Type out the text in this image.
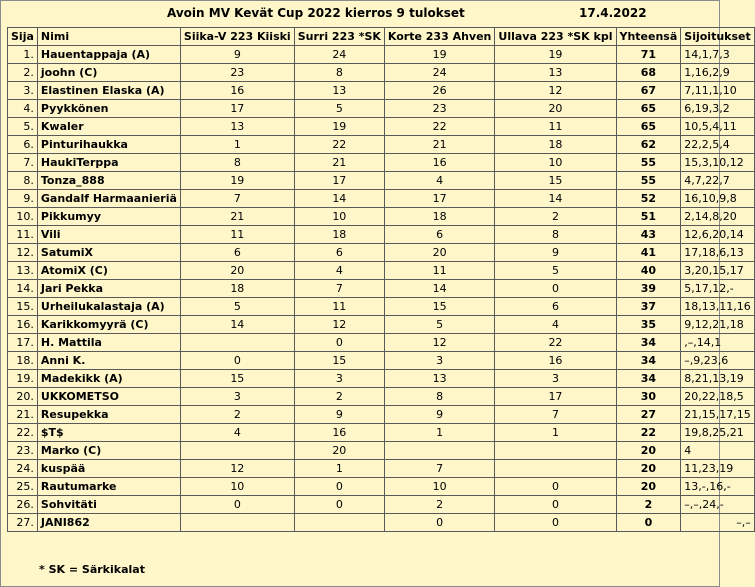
Avoin MV Kevät Cup 2022 kierros 9 tulokset	17.4.2022
Sija	Nimi	Siika-V 223 Kiiski	Surri 223 *SK	Korte 233 Ahven	Ullava 223 *SK kpl	Yhteensä	Sijoitukset
1.	Hauentappaja (A)	9	24	19	19	71	14,1,7,3
2.	joohn (C)	23	8	24	13	68	1,16,2,9
3.	Elastinen Elaska (A)	16	13	26	12	67	7,11,1,10
4.	Pyykkönen	17	5	23	20	65	6,19,3,2
5.	Kwaler	13	19	22	11	65	10,5,4,11
6.	Pinturihaukka	1	22	21	18	62	22,2,5,4
7.	HaukiTerppa	8	21	16	10	55	15,3,10,12
8.	Tonza_888	19	17	4	15	55	4,7,22,7
9.	Gandalf Harmaanieriä	7	14	17	14	52	16,10,9,8
10.	Pikkumyy	21	10	18	2	51	2,14,8,20
11.	Vili	11	18	6	8	43	12,6,20,14
12.	SatumiX	6	6	20	9	41	17,18,6,13
13.	AtomiX (C)	20	4	11	5	40	3,20,15,17
14.	Jari Pekka	18	7	14	0	39	5,17,12,-
15.	Urheilukalastaja (A)	5	11	15	6	37	18,13,11,16
16.	Karikkomyyrä (C)	14	12	5	4	35	9,12,21,18
17.	H. Mattila		0	12	22	34	,–,14,1
18.	Anni K.	0	15	3	16	34	–,9,23,6
19.	Madekikk (A)	15	3	13	3	34	8,21,13,19
20.	UKKOMETSO	3	2	8	17	30	20,22,18,5
21.	Resupekka	2	9	9	7	27	21,15,17,15
22.	$T$	4	16	1	1	22	19,8,25,21
23.	Marko (C)		20			20	4
24.	kuspää	12	1	7		20	11,23,19
25.	Rautumarke	10	0	10	0	20	13,-,16,-
26.	Sohvitäti	0	0	2	0	2	–,–,24,-
27.	JANI862			0	0	0	–,–
* SK = Särkikalat
